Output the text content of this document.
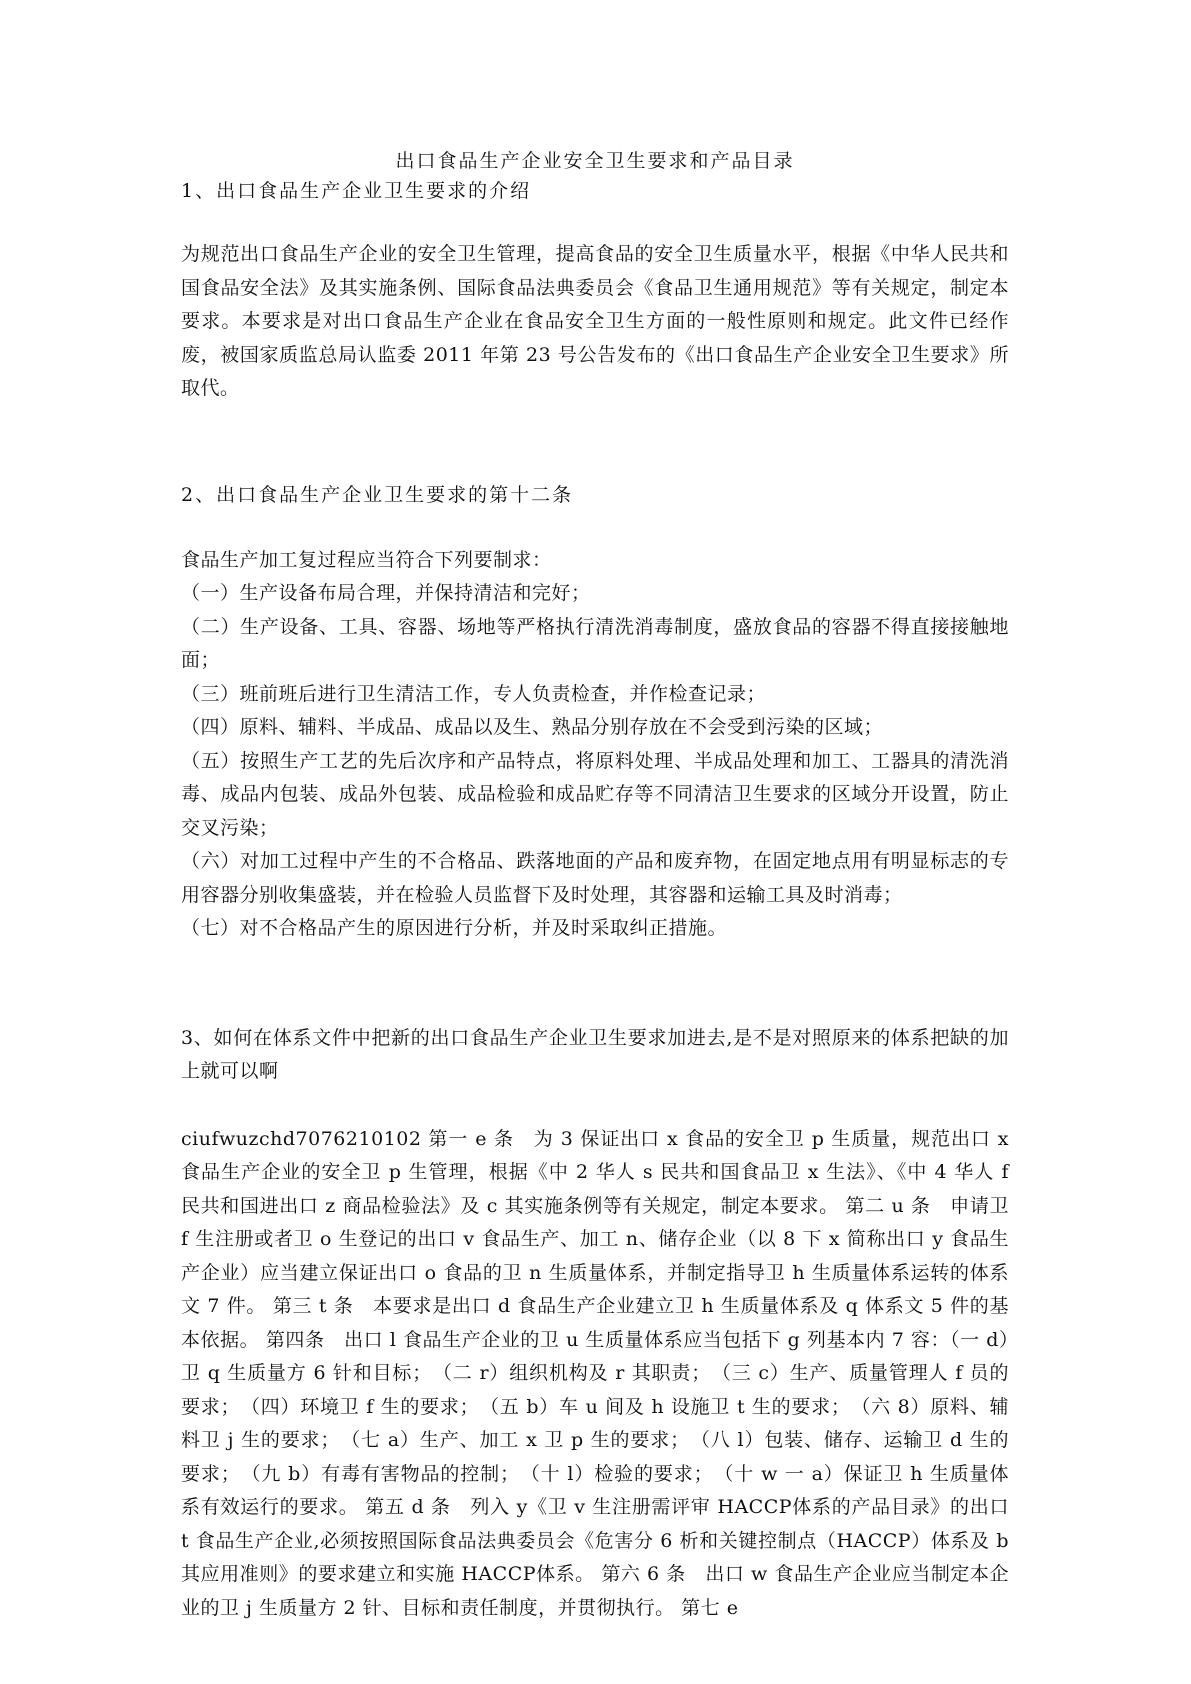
出口食品生产企业安全卫生要求和产品目录
1、出口食品生产企业卫生要求的介绍

为规范出口食品生产企业的安全卫生管理，提高食品的安全卫生质量水平，根据《中华人民共和国食品安全法》及其实施条例、国际食品法典委员会《食品卫生通用规范》等有关规定，制定本要求。本要求是对出口食品生产企业在食品安全卫生方面的一般性原则和规定。此文件已经作废，被国家质监总局认监委 2011 年第 23 号公告发布的《出口食品生产企业安全卫生要求》所取代。

2、出口食品生产企业卫生要求的第十二条

食品生产加工复过程应当符合下列要制求：

（一）生产设备布局合理，并保持清洁和完好；

（二）生产设备、工具、容器、场地等严格执行清洗消毒制度，盛放食品的容器不得直接接触地面；

（三）班前班后进行卫生清洁工作，专人负责检查，并作检查记录；

（四）原料、辅料、半成品、成品以及生、熟品分别存放在不会受到污染的区域；

（五）按照生产工艺的先后次序和产品特点，将原料处理、半成品处理和加工、工器具的清洗消毒、成品内包装、成品外包装、成品检验和成品贮存等不同清洁卫生要求的区域分开设置，防止交叉污染；

（六）对加工过程中产生的不合格品、跌落地面的产品和废弃物，在固定地点用有明显标志的专用容器分别收集盛装，并在检验人员监督下及时处理，其容器和运输工具及时消毒；

（七）对不合格品产生的原因进行分析，并及时采取纠正措施。

3、如何在体系文件中把新的出口食品生产企业卫生要求加进去,是不是对照原来的体系把缺的加上就可以啊

ciufwuzchd7076210102 第一 e 条　为 3 保证出口 x 食品的安全卫 p 生质量，规范出口 x 食品生产企业的安全卫 p 生管理，根据《中 2 华人 s 民共和国食品卫 x 生法》、《中 4 华人 f 民共和国进出口 z 商品检验法》及 c 其实施条例等有关规定，制定本要求。 第二 u 条　申请卫 f 生注册或者卫 o 生登记的出口 v 食品生产、加工 n、储存企业（以 8 下 x 简称出口 y 食品生产企业）应当建立保证出口 o 食品的卫 n 生质量体系，并制定指导卫 h 生质量体系运转的体系文 7 件。 第三 t 条　本要求是出口 d 食品生产企业建立卫 h 生质量体系及 q 体系文 5 件的基本依据。 第四条　出口 l 食品生产企业的卫 u 生质量体系应当包括下 g 列基本内 7 容：（一 d）卫 q 生质量方 6 针和目标；　（二 r）组织机构及 r 其职责；　（三 c）生产、质量管理人 f 员的要求；　（四）环境卫 f 生的要求；　（五 b）车 u 间及 h 设施卫 t 生的要求；　（六 8）原料、辅料卫 j 生的要求；　（七 a）生产、加工 x 卫 p 生的要求；　（八 l）包装、储存、运输卫 d 生的要求；　（九 b）有毒有害物品的控制；　（十 l）检验的要求；　（十 w 一 a）保证卫 h 生质量体系有效运行的要求。 第五 d 条　列入 y《卫 v 生注册需评审 HACCP体系的产品目录》的出口 t 食品生产企业,必须按照国际食品法典委员会《危害分 6 析和关键控制点（HACCP）体系及 b 其应用准则》的要求建立和实施 HACCP体系。 第六 6 条　出口 w 食品生产企业应当制定本企业的卫 j 生质量方 2 针、目标和责任制度，并贯彻执行。 第七 e
